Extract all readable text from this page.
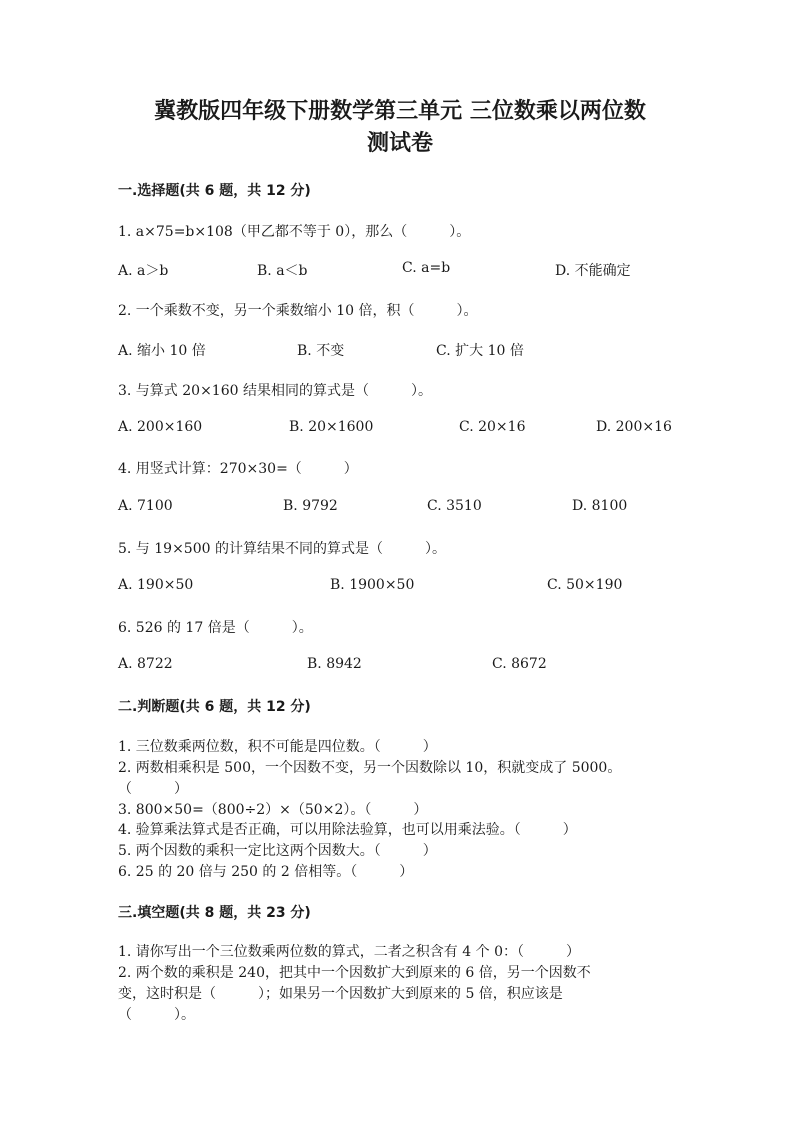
冀教版四年级下册数学第三单元 三位数乘以两位数
测试卷
一.选择题(共 6 题，共 12 分)
1. a×75=b×108（甲乙都不等于 0），那么（　　　）。
A. a＞b	B. a＜b	C. a=b	D. 不能确定
2. 一个乘数不变，另一个乘数缩小 10 倍，积（　　　）。
A. 缩小 10 倍	B. 不变	C. 扩大 10 倍
3. 与算式 20×160 结果相同的算式是（　　　）。
A. 200×160	B. 20×1600	C. 20×16	D. 200×16
4. 用竖式计算：270×30=（　　　）
A. 7100	B. 9792	C. 3510	D. 8100
5. 与 19×500 的计算结果不同的算式是（　　　）。
A. 190×50	B. 1900×50	C. 50×190
6. 526 的 17 倍是（　　　）。
A. 8722	B. 8942	C. 8672
二.判断题(共 6 题，共 12 分)
1. 三位数乘两位数，积不可能是四位数。（　　　）
2. 两数相乘积是 500，一个因数不变，另一个因数除以 10，积就变成了 5000。
（　　　）
3. 800×50=（800÷2）×（50×2）。（　　　）
4. 验算乘法算式是否正确，可以用除法验算，也可以用乘法验。（　　　）
5. 两个因数的乘积一定比这两个因数大。（　　　）
6. 25 的 20 倍与 250 的 2 倍相等。（　　　）
三.填空题(共 8 题，共 23 分)
1. 请你写出一个三位数乘两位数的算式，二者之积含有 4 个 0：（　　　）
2. 两个数的乘积是 240，把其中一个因数扩大到原来的 6 倍，另一个因数不
变，这时积是（　　　）；如果另一个因数扩大到原来的 5 倍，积应该是
（　　　）。
